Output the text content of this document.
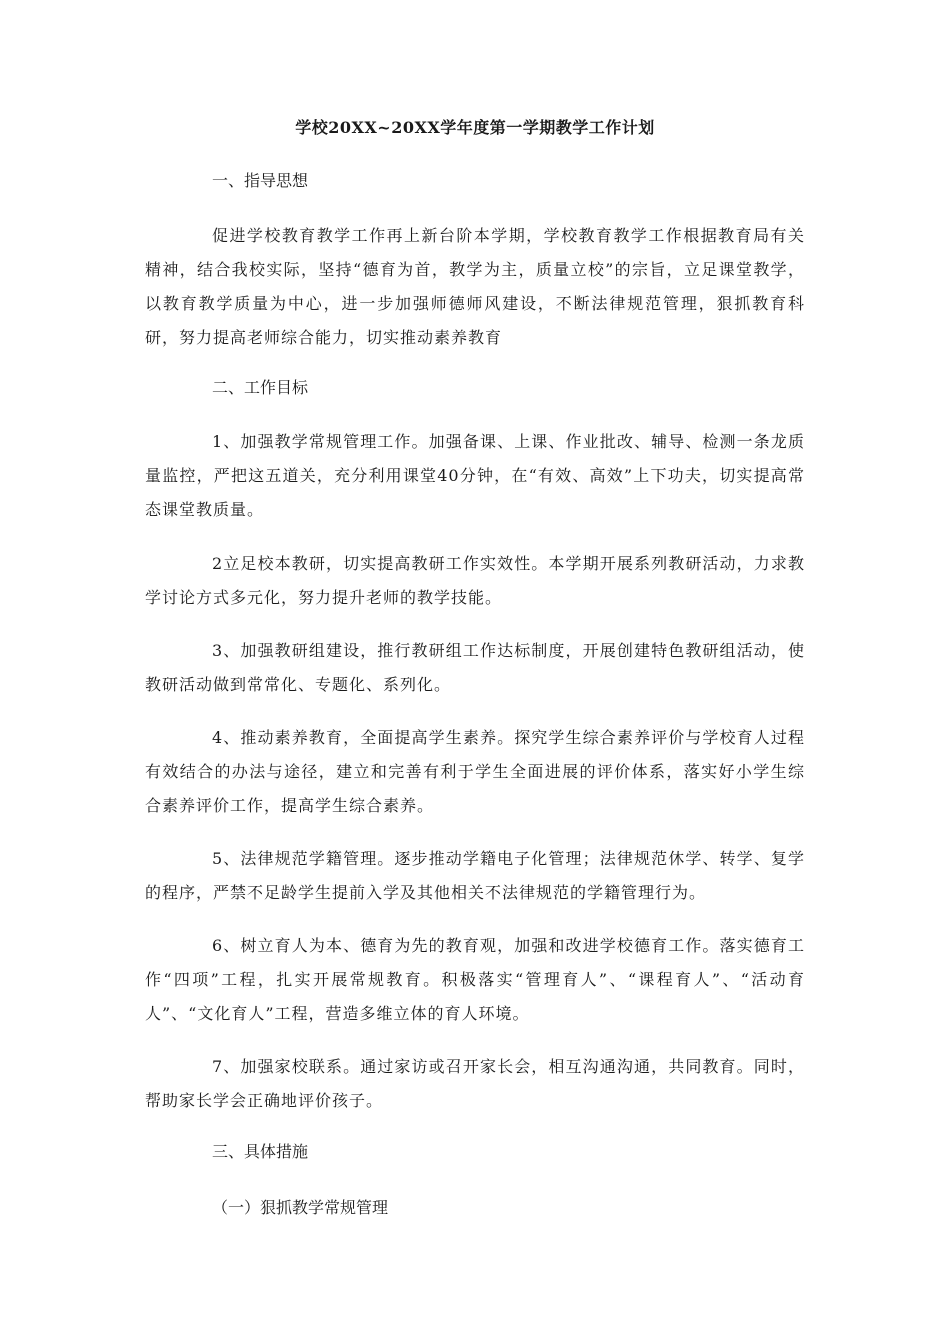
学校20XX~20XX学年度第一学期教学工作计划
一、指导思想
促进学校教育教学工作再上新台阶本学期，学校教育教学工作根据教育局有关精神，结合我校实际，坚持“德育为首，教学为主，质量立校”的宗旨，立足课堂教学，以教育教学质量为中心，进一步加强师德师风建设，不断法律规范管理，狠抓教育科研，努力提高老师综合能力，切实推动素养教育
二、工作目标
1、加强教学常规管理工作。加强备课、上课、作业批改、辅导、检测一条龙质量监控，严把这五道关，充分利用课堂40分钟，在“有效、高效”上下功夫，切实提高常态课堂教质量。
2立足校本教研，切实提高教研工作实效性。本学期开展系列教研活动，力求教学讨论方式多元化，努力提升老师的教学技能。
3、加强教研组建设，推行教研组工作达标制度，开展创建特色教研组活动，使教研活动做到常常化、专题化、系列化。
4、推动素养教育，全面提高学生素养。探究学生综合素养评价与学校育人过程有效结合的办法与途径，建立和完善有利于学生全面进展的评价体系，落实好小学生综合素养评价工作，提高学生综合素养。
5、法律规范学籍管理。逐步推动学籍电子化管理；法律规范休学、转学、复学的程序，严禁不足龄学生提前入学及其他相关不法律规范的学籍管理行为。
6、树立育人为本、德育为先的教育观，加强和改进学校德育工作。落实德育工作“四项”工程，扎实开展常规教育。积极落实“管理育人”、“课程育人”、“活动育人”、“文化育人”工程，营造多维立体的育人环境。
7、加强家校联系。通过家访或召开家长会，相互沟通沟通，共同教育。同时，帮助家长学会正确地评价孩子。
三、具体措施
（一）狠抓教学常规管理
